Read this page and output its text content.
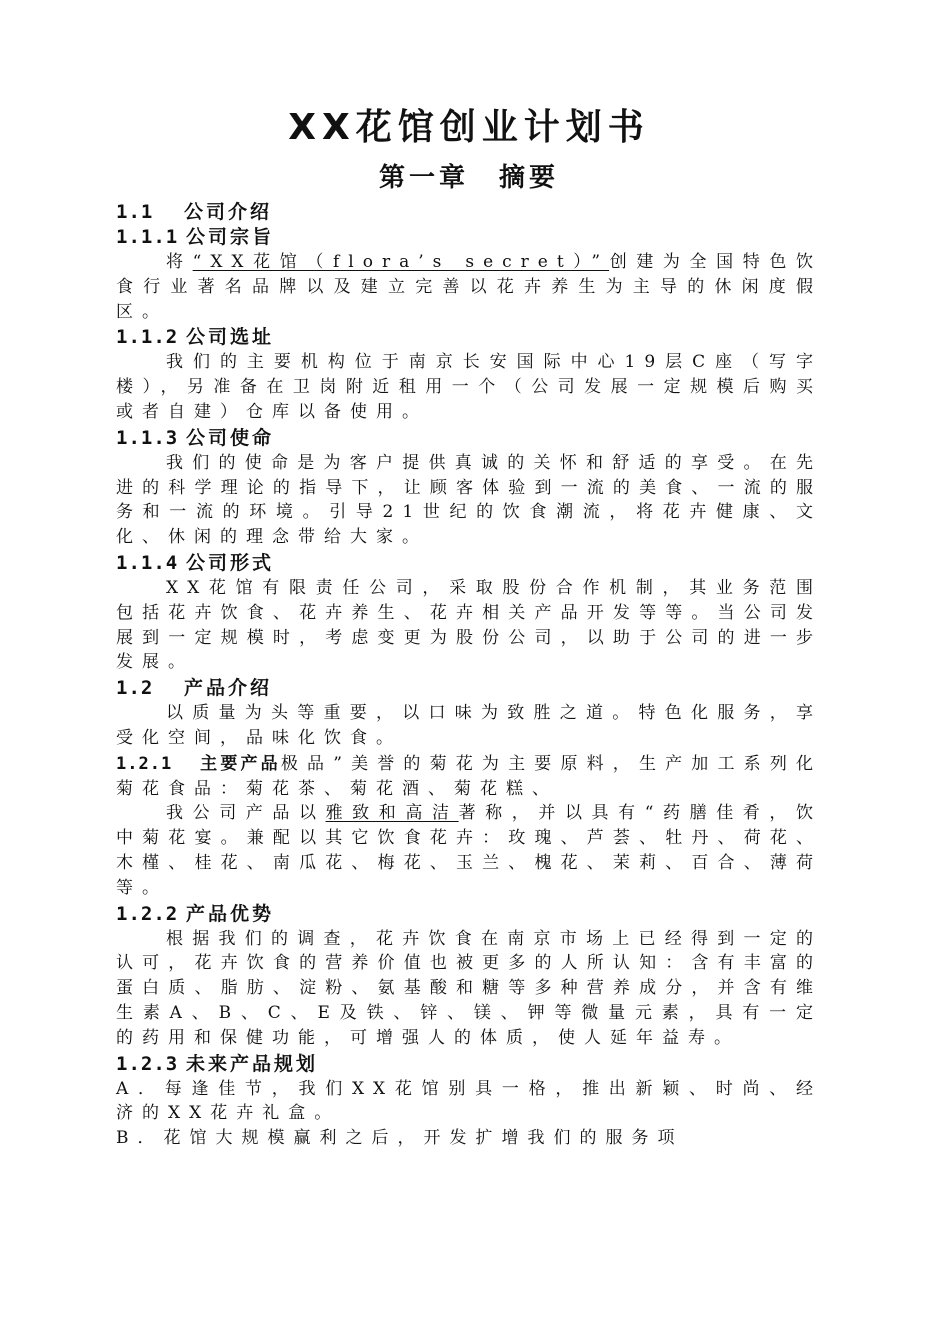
XX花馆创业计划书
第一章　摘要
1.1 公司介绍
1.1.1 公司宗旨

将“XX花馆（flora’s secret）”创建为全国特色饮食行业著名品牌以及建立完善以花卉养生为主导的休闲度假区。

1.1.2 公司选址

我们的主要机构位于南京长安国际中心19层C座（写字楼），另准备在卫岗附近租用一个（公司发展一定规模后购买或者自建）仓库以备使用。

1.1.3 公司使命

我们的使命是为客户提供真诚的关怀和舒适的享受。在先进的科学理论的指导下，让顾客体验到一流的美食、一流的服务和一流的环境。引导21世纪的饮食潮流，将花卉健康、文化、休闲的理念带给大家。

1.1.4 公司形式

XX花馆有限责任公司，采取股份合作机制，其业务范围包括花卉饮食、花卉养生、花卉相关产品开发等等。当公司发展到一定规模时，考虑变更为股份公司，以助于公司的进一步发展。

1.2 产品介绍

以质量为头等重要，以口味为致胜之道。特色化服务，享受化空间，品味化饮食。

1.2.1 主要产品极品”美誉的菊花为主要原料，生产加工系列化菊花食品：菊花茶、菊花酒、菊花糕、

我公司产品以雅致和高洁著称，并以具有“药膳佳肴，饮中菊花宴。兼配以其它饮食花卉：玫瑰、芦荟、牡丹、荷花、木槿、桂花、南瓜花、梅花、玉兰、槐花、茉莉、百合、薄荷等。

1.2.2 产品优势

根据我们的调查，花卉饮食在南京市场上已经得到一定的认可，花卉饮食的营养价值也被更多的人所认知：含有丰富的蛋白质、脂肪、淀粉、氨基酸和糖等多种营养成分，并含有维生素A、B、C、E及铁、锌、镁、钾等微量元素，具有一定的药用和保健功能，可增强人的体质，使人延年益寿。

1.2.3 未来产品规划

A．每逢佳节，我们XX花馆别具一格，推出新颖、时尚、经济的XX花卉礼盒。

B．花馆大规模赢利之后，开发扩增我们的服务项
